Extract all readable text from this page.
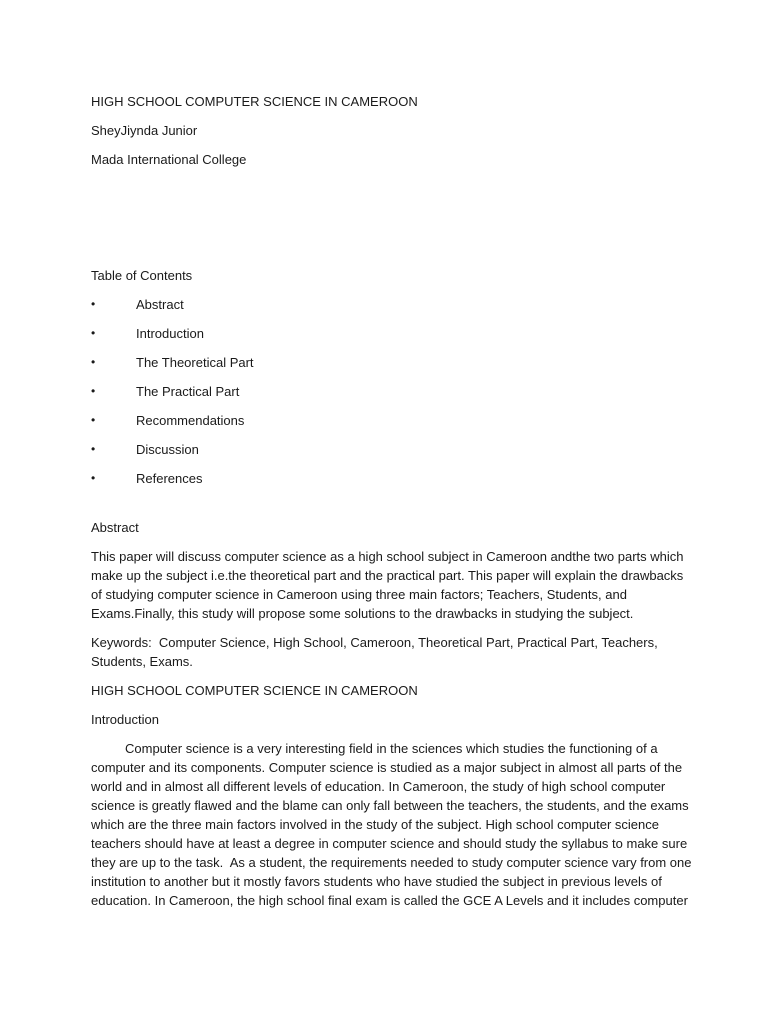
HIGH SCHOOL COMPUTER SCIENCE IN CAMEROON

SheyJiynda Junior

Mada International College

Table of Contents

•	Abstract
•	Introduction
•	The Theoretical Part
•	The Practical Part
•	Recommendations
•	Discussion
•	References

Abstract

This paper will discuss computer science as a high school subject in Cameroon andthe two parts which

make up the subject i.e.the theoretical part and the practical part. This paper will explain the drawbacks

of studying computer science in Cameroon using three main factors; Teachers, Students, and

Exams.Finally, this study will propose some solutions to the drawbacks in studying the subject.

Keywords:  Computer Science, High School, Cameroon, Theoretical Part, Practical Part, Teachers,

Students, Exams.

HIGH SCHOOL COMPUTER SCIENCE IN CAMEROON

Introduction

Computer science is a very interesting field in the sciences which studies the functioning of a

computer and its components. Computer science is studied as a major subject in almost all parts of the

world and in almost all different levels of education. In Cameroon, the study of high school computer

science is greatly flawed and the blame can only fall between the teachers, the students, and the exams

which are the three main factors involved in the study of the subject. High school computer science

teachers should have at least a degree in computer science and should study the syllabus to make sure

they are up to the task.  As a student, the requirements needed to study computer science vary from one

institution to another but it mostly favors students who have studied the subject in previous levels of

education. In Cameroon, the high school final exam is called the GCE A Levels and it includes computer
